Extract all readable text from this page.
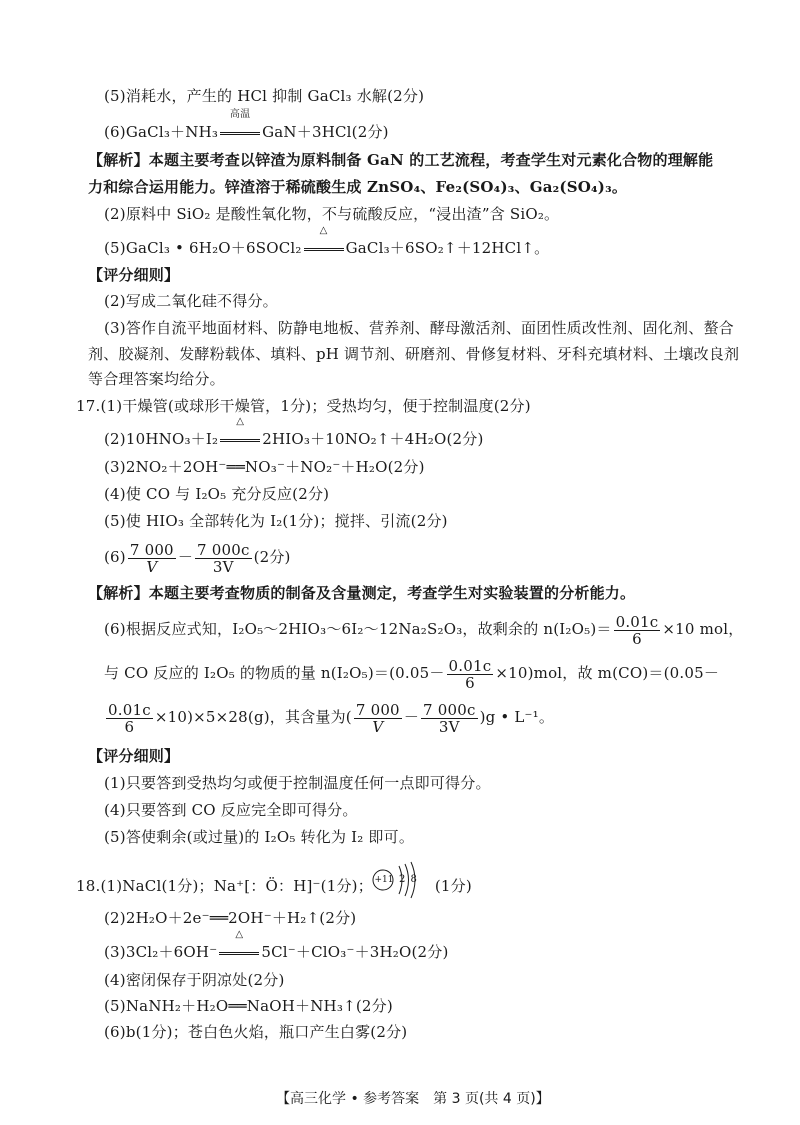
(5)消耗水，产生的 HCl 抑制 GaCl₃ 水解(2分)
(6)GaCl₃＋NH₃
高温
GaN＋3HCl(2分)
【解析】本题主要考查以锌渣为原料制备 GaN 的工艺流程，考查学生对元素化合物的理解能
力和综合运用能力。锌渣溶于稀硫酸生成 ZnSO₄、Fe₂(SO₄)₃、Ga₂(SO₄)₃。
(2)原料中 SiO₂ 是酸性氧化物，不与硫酸反应，“浸出渣”含 SiO₂。
(5)GaCl₃ • 6H₂O＋6SOCl₂
△
GaCl₃＋6SO₂↑＋12HCl↑。
【评分细则】
(2)写成二氧化硅不得分。
(3)答作自流平地面材料、防静电地板、营养剂、酵母激活剂、面团性质改性剂、固化剂、螯合
剂、胶凝剂、发酵粉载体、填料、pH 调节剂、研磨剂、骨修复材料、牙科充填材料、土壤改良剂
等合理答案均给分。
17.(1)干燥管(或球形干燥管，1分)；受热均匀，便于控制温度(2分)
(2)10HNO₃＋I₂
△
2HIO₃＋10NO₂↑＋4H₂O(2分)
(3)2NO₂＋2OH⁻══NO₃⁻＋NO₂⁻＋H₂O(2分)
(4)使 CO 与 I₂O₅ 充分反应(2分)
(5)使 HIO₃ 全部转化为 I₂(1分)；搅拌、引流(2分)
$(6) \frac{7 000}{V} - \frac{7 000c}{3V} (2$分)
【解析】本题主要考查物质的制备及含量测定，考查学生对实验装置的分析能力。
(6)根据反应式知，I₂O₅～2HIO₃～6I₂～12Na₂S₂O₃，故剩余的 $n(I_2O_5)= \frac{0.01c}{6} \times 10$ mol，
与 CO 反应的 I₂O₅ 的物质的量 $n(I_2O_5)=(0.05- \frac{0.01c}{6} \times 10)mol$，故 m(CO)＝(0.05－
$\frac{0.01c}{6} \times 10)\times 5\times 28(g)$，其含量为( $\frac{7 000}{V} - \frac{7 000c}{3V} )g$ • L⁻¹。
【评分细则】
(1)只要答到受热均匀或便于控制温度任何一点即可得分。
(4)只要答到 CO 反应完全即可得分。
(5)答使剩余(或过量)的 I₂O₅ 转化为 I₂ 即可。
18.(1)NaCl(1分)；Na⁺[：Ö：H]⁻(1分)；	(1分)
+11 2 8
(2)2H₂O＋2e⁻══2OH⁻＋H₂↑(2分)
(3)3Cl₂＋6OH⁻
△
5Cl⁻＋ClO₃⁻＋3H₂O(2分)
(4)密闭保存于阴凉处(2分)
(5)NaNH₂＋H₂O══NaOH＋NH₃↑(2分)
(6)b(1分)；苍白色火焰，瓶口产生白雾(2分)
【高三化学 • 参考答案　第 3 页(共 4 页)】
